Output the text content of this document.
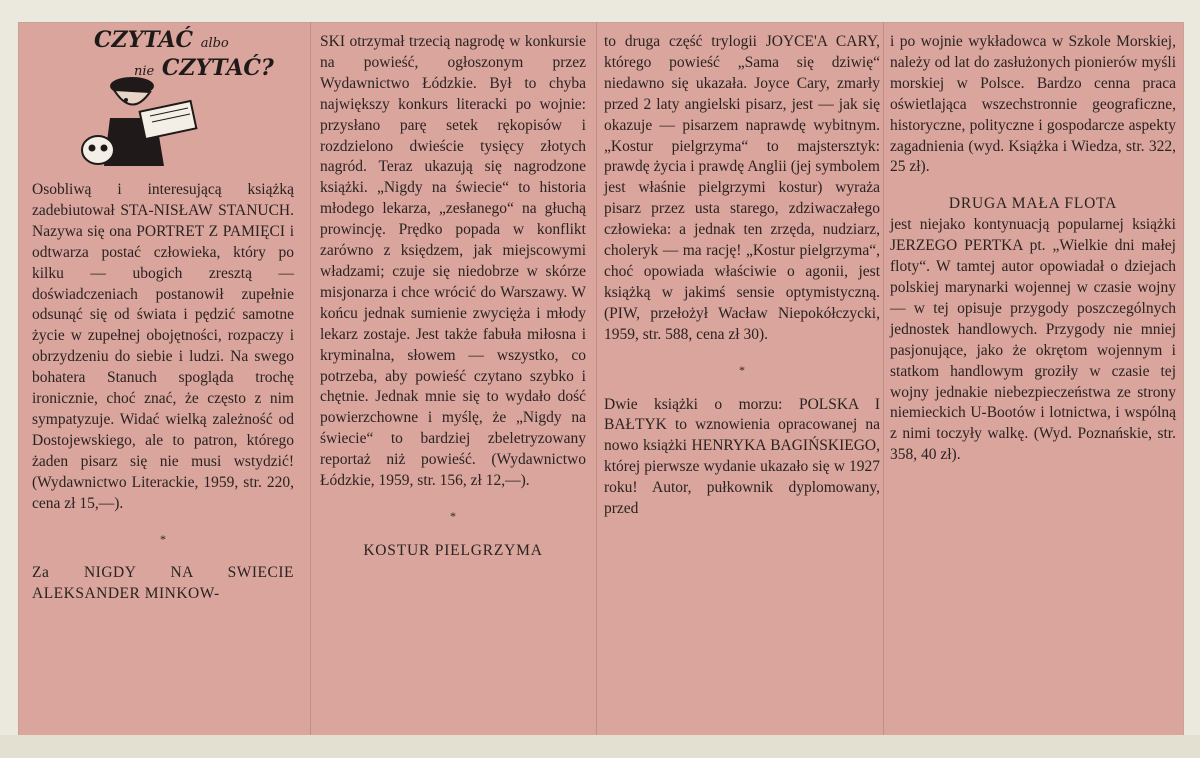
CZYTAĆ albo
nie CZYTAĆ?

Osobliwą i interesującą książką zadebiutował STA-NISŁAW STANUCH. Nazywa się ona PORTRET Z PAMIĘCI i odtwarza postać człowieka, który po kilku — ubogich zresztą — doświadczeniach postanowił zupełnie odsunąć się od świata i pędzić samotne życie w zupełnej obojętności, rozpaczy i obrzydzeniu do siebie i ludzi. Na swego bohatera Stanuch spogląda trochę ironicznie, choć znać, że często z nim sympatyzuje. Widać wielką zależność od Dostojewskiego, ale to patron, którego żaden pisarz się nie musi wstydzić! (Wydawnictwo Literackie, 1959, str. 220, cena zł 15,—).

*

Za NIGDY NA SWIECIE ALEKSANDER MINKOW-

SKI otrzymał trzecią nagrodę w konkursie na powieść, ogłoszonym przez Wydawnictwo Łódzkie. Był to chyba największy konkurs literacki po wojnie: przysłano parę setek rękopisów i rozdzielono dwieście tysięcy złotych nagród. Teraz ukazują się nagrodzone książki. „Nigdy na świecie“ to historia młodego lekarza, „zesłanego“ na głuchą prowincję. Prędko popada w konflikt zarówno z księdzem, jak miejscowymi władzami; czuje się niedobrze w skórze misjonarza i chce wrócić do Warszawy. W końcu jednak sumienie zwycięża i młody lekarz zostaje. Jest także fabuła miłosna i kryminalna, słowem — wszystko, co potrzeba, aby powieść czytano szybko i chętnie. Jednak mnie się to wydało dość powierzchowne i myślę, że „Nigdy na świecie“ to bardziej zbeletryzowany reportaż niż powieść. (Wydawnictwo Łódzkie, 1959, str. 156, zł 12,—).

*

KOSTUR PIELGRZYMA

to druga część trylogii JOYCE'A CARY, którego powieść „Sama się dziwię“ niedawno się ukazała. Joyce Cary, zmarły przed 2 laty angielski pisarz, jest — jak się okazuje — pisarzem naprawdę wybitnym. „Kostur pielgrzyma“ to majstersztyk: prawdę życia i prawdę Anglii (jej symbolem jest właśnie pielgrzymi kostur) wyraża pisarz przez usta starego, zdziwaczałego człowieka: a jednak ten zrzęda, nudziarz, choleryk — ma rację! „Kostur pielgrzyma“, choć opowiada właściwie o agonii, jest książką w jakimś sensie optymistyczną. (PIW, przełożył Wacław Niepokółczycki, 1959, str. 588, cena zł 30).

*

Dwie książki o morzu: POLSKA I BAŁTYK to wznowienia opracowanej na nowo książki HENRYKA BAGIŃSKIEGO, której pierwsze wydanie ukazało się w 1927 roku! Autor, pułkownik dyplomowany, przed

i po wojnie wykładowca w Szkole Morskiej, należy od lat do zasłużonych pionierów myśli morskiej w Polsce. Bardzo cenna praca oświetlająca wszechstronnie geograficzne, historyczne, polityczne i gospodarcze aspekty zagadnienia (wyd. Książka i Wiedza, str. 322, 25 zł).

DRUGA MAŁA FLOTA

jest niejako kontynuacją popularnej książki JERZEGO PERTKA pt. „Wielkie dni małej floty“. W tamtej autor opowiadał o dziejach polskiej marynarki wojennej w czasie wojny — w tej opisuje przygody poszczególnych jednostek handlowych. Przygody nie mniej pasjonujące, jako że okrętom wojennym i statkom handlowym groziły w czasie tej wojny jednakie niebezpieczeństwa ze strony niemieckich U-Bootów i lotnictwa, i wspólną z nimi toczyły walkę. (Wyd. Poznańskie, str. 358, 40 zł).
